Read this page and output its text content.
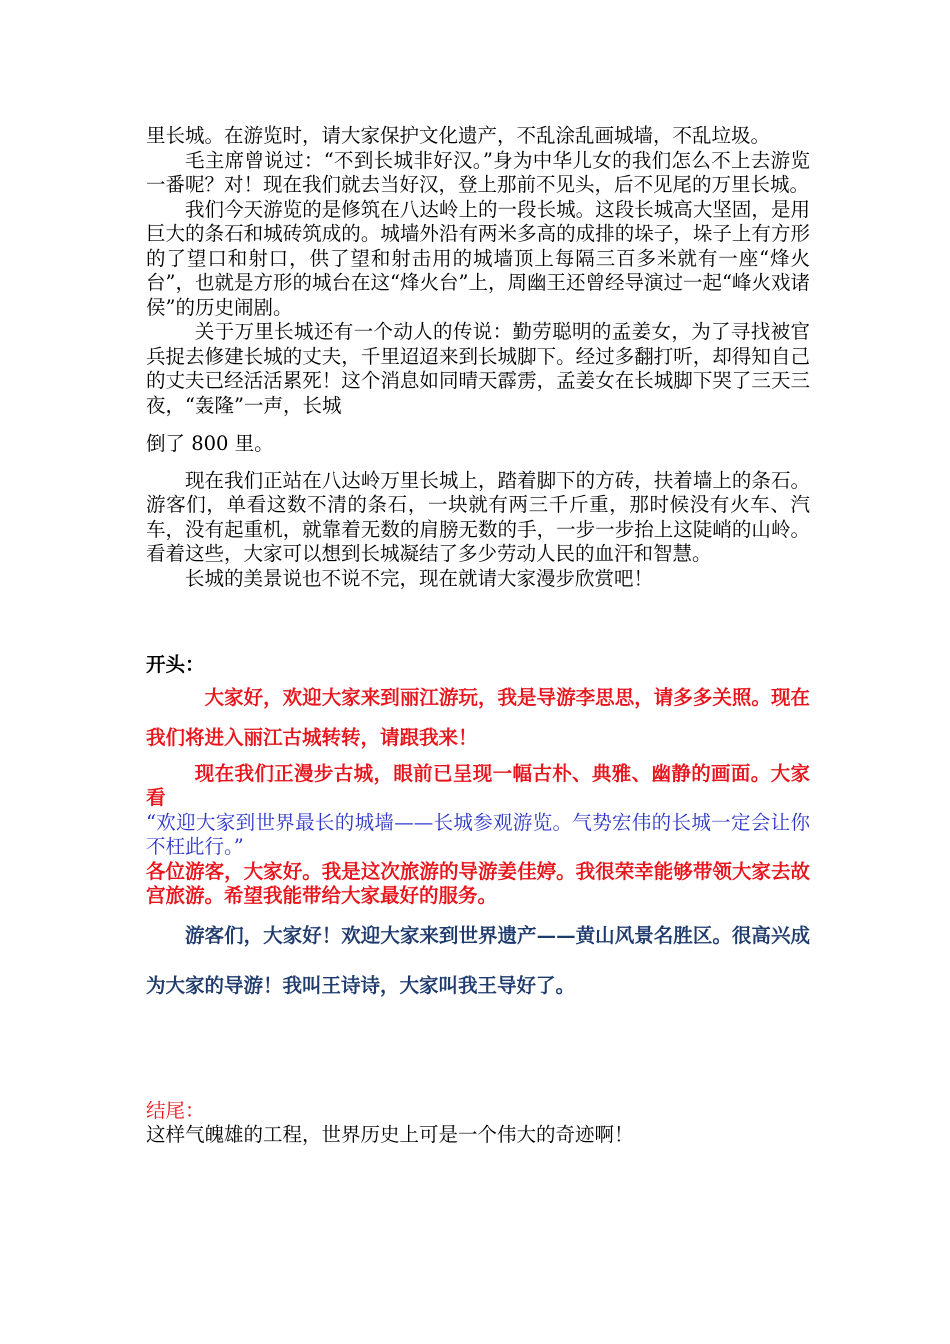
里长城。在游览时，请大家保护文化遗产，不乱涂乱画城墙，不乱垃圾。

毛主席曾说过：“不到长城非好汉。”身为中华儿女的我们怎么不上去游览一番呢？对！现在我们就去当好汉，登上那前不见头，后不见尾的万里长城。

我们今天游览的是修筑在八达岭上的一段长城。这段长城高大坚固，是用巨大的条石和城砖筑成的。城墙外沿有两米多高的成排的垛子，垛子上有方形的了望口和射口，供了望和射击用的城墙顶上每隔三百多米就有一座“烽火台”，也就是方形的城台在这“烽火台”上，周幽王还曾经导演过一起“峰火戏诸侯”的历史闹剧。

关于万里长城还有一个动人的传说：勤劳聪明的孟姜女，为了寻找被官兵捉去修建长城的丈夫，千里迢迢来到长城脚下。经过多翻打听，却得知自己的丈夫已经活活累死！这个消息如同晴天霹雳，孟姜女在长城脚下哭了三天三夜，“轰隆”一声，长城

倒了 800 里。

现在我们正站在八达岭万里长城上，踏着脚下的方砖，扶着墙上的条石。游客们，单看这数不清的条石，一块就有两三千斤重，那时候没有火车、汽车，没有起重机，就靠着无数的肩膀无数的手，一步一步抬上这陡峭的山岭。看着这些，大家可以想到长城凝结了多少劳动人民的血汗和智慧。

长城的美景说也不说不完，现在就请大家漫步欣赏吧！

开头：

大家好，欢迎大家来到丽江游玩，我是导游李思思，请多多关照。现在我们将进入丽江古城转转，请跟我来！

现在我们正漫步古城，眼前已呈现一幅古朴、典雅、幽静的画面。大家看

“欢迎大家到世界最长的城墙——长城参观游览。气势宏伟的长城一定会让你不枉此行。”

各位游客，大家好。我是这次旅游的导游姜佳婷。我很荣幸能够带领大家去故宫旅游。希望我能带给大家最好的服务。

游客们，大家好！欢迎大家来到世界遗产——黄山风景名胜区。很高兴成为大家的导游！我叫王诗诗，大家叫我王导好了。

结尾：

这样气魄雄的工程，世界历史上可是一个伟大的奇迹啊！
